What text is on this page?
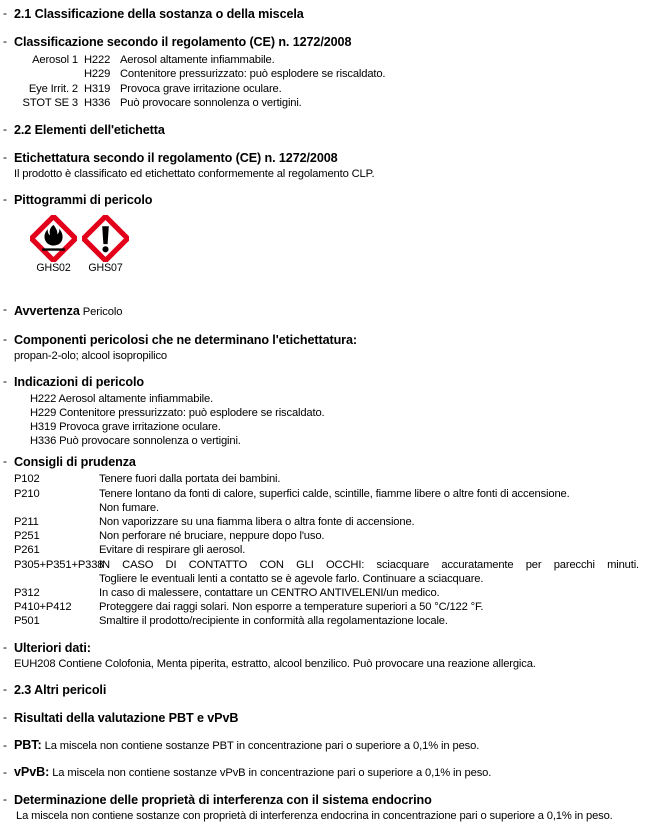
- 2.1 Classificazione della sostanza o della miscela
- Classificazione secondo il regolamento (CE) n. 1272/2008
Aerosol 1	H222	Aerosol altamente infiammabile.
	H229	Contenitore pressurizzato: può esplodere se riscaldato.
Eye Irrit. 2	H319	Provoca grave irritazione oculare.
STOT SE 3	H336	Può provocare sonnolenza o vertigini.
- 2.2 Elementi dell'etichetta
- Etichettatura secondo il regolamento (CE) n. 1272/2008
Il prodotto è classificato ed etichettato conformemente al regolamento CLP.
- Pittogrammi di pericolo
GHS02	GHS07
- Avvertenza Pericolo
- Componenti pericolosi che ne determinano l'etichettatura:
propan-2-olo; alcool isopropilico
- Indicazioni di pericolo
H222 Aerosol altamente infiammabile.
H229 Contenitore pressurizzato: può esplodere se riscaldato.
H319 Provoca grave irritazione oculare.
H336 Può provocare sonnolenza o vertigini.
- Consigli di prudenza
P102	Tenere fuori dalla portata dei bambini.
P210	Tenere lontano da fonti di calore, superfici calde, scintille, fiamme libere o altre fonti di accensione.
	Non fumare.
P211	Non vaporizzare su una fiamma libera o altra fonte di accensione.
P251	Non perforare né bruciare, neppure dopo l'uso.
P261	Evitare di respirare gli aerosol.
P305+P351+P338	IN CASO DI CONTATTO CON GLI OCCHI: sciacquare accuratamente per parecchi minuti.
	Togliere le eventuali lenti a contatto se è agevole farlo. Continuare a sciacquare.
P312	In caso di malessere, contattare un CENTRO ANTIVELENI/un medico.
P410+P412	Proteggere dai raggi solari. Non esporre a temperature superiori a 50 °C/122 °F.
P501	Smaltire il prodotto/recipiente in conformità alla regolamentazione locale.
- Ulteriori dati:
EUH208 Contiene Colofonia, Menta piperita, estratto, alcool benzilico. Può provocare una reazione allergica.
- 2.3 Altri pericoli
- Risultati della valutazione PBT e vPvB
- PBT: La miscela non contiene sostanze PBT in concentrazione pari o superiore a 0,1% in peso.
- vPvB: La miscela non contiene sostanze vPvB in concentrazione pari o superiore a 0,1% in peso.
- Determinazione delle proprietà di interferenza con il sistema endocrino
La miscela non contiene sostanze con proprietà di interferenza endocrina in concentrazione pari o superiore a 0,1% in peso.
